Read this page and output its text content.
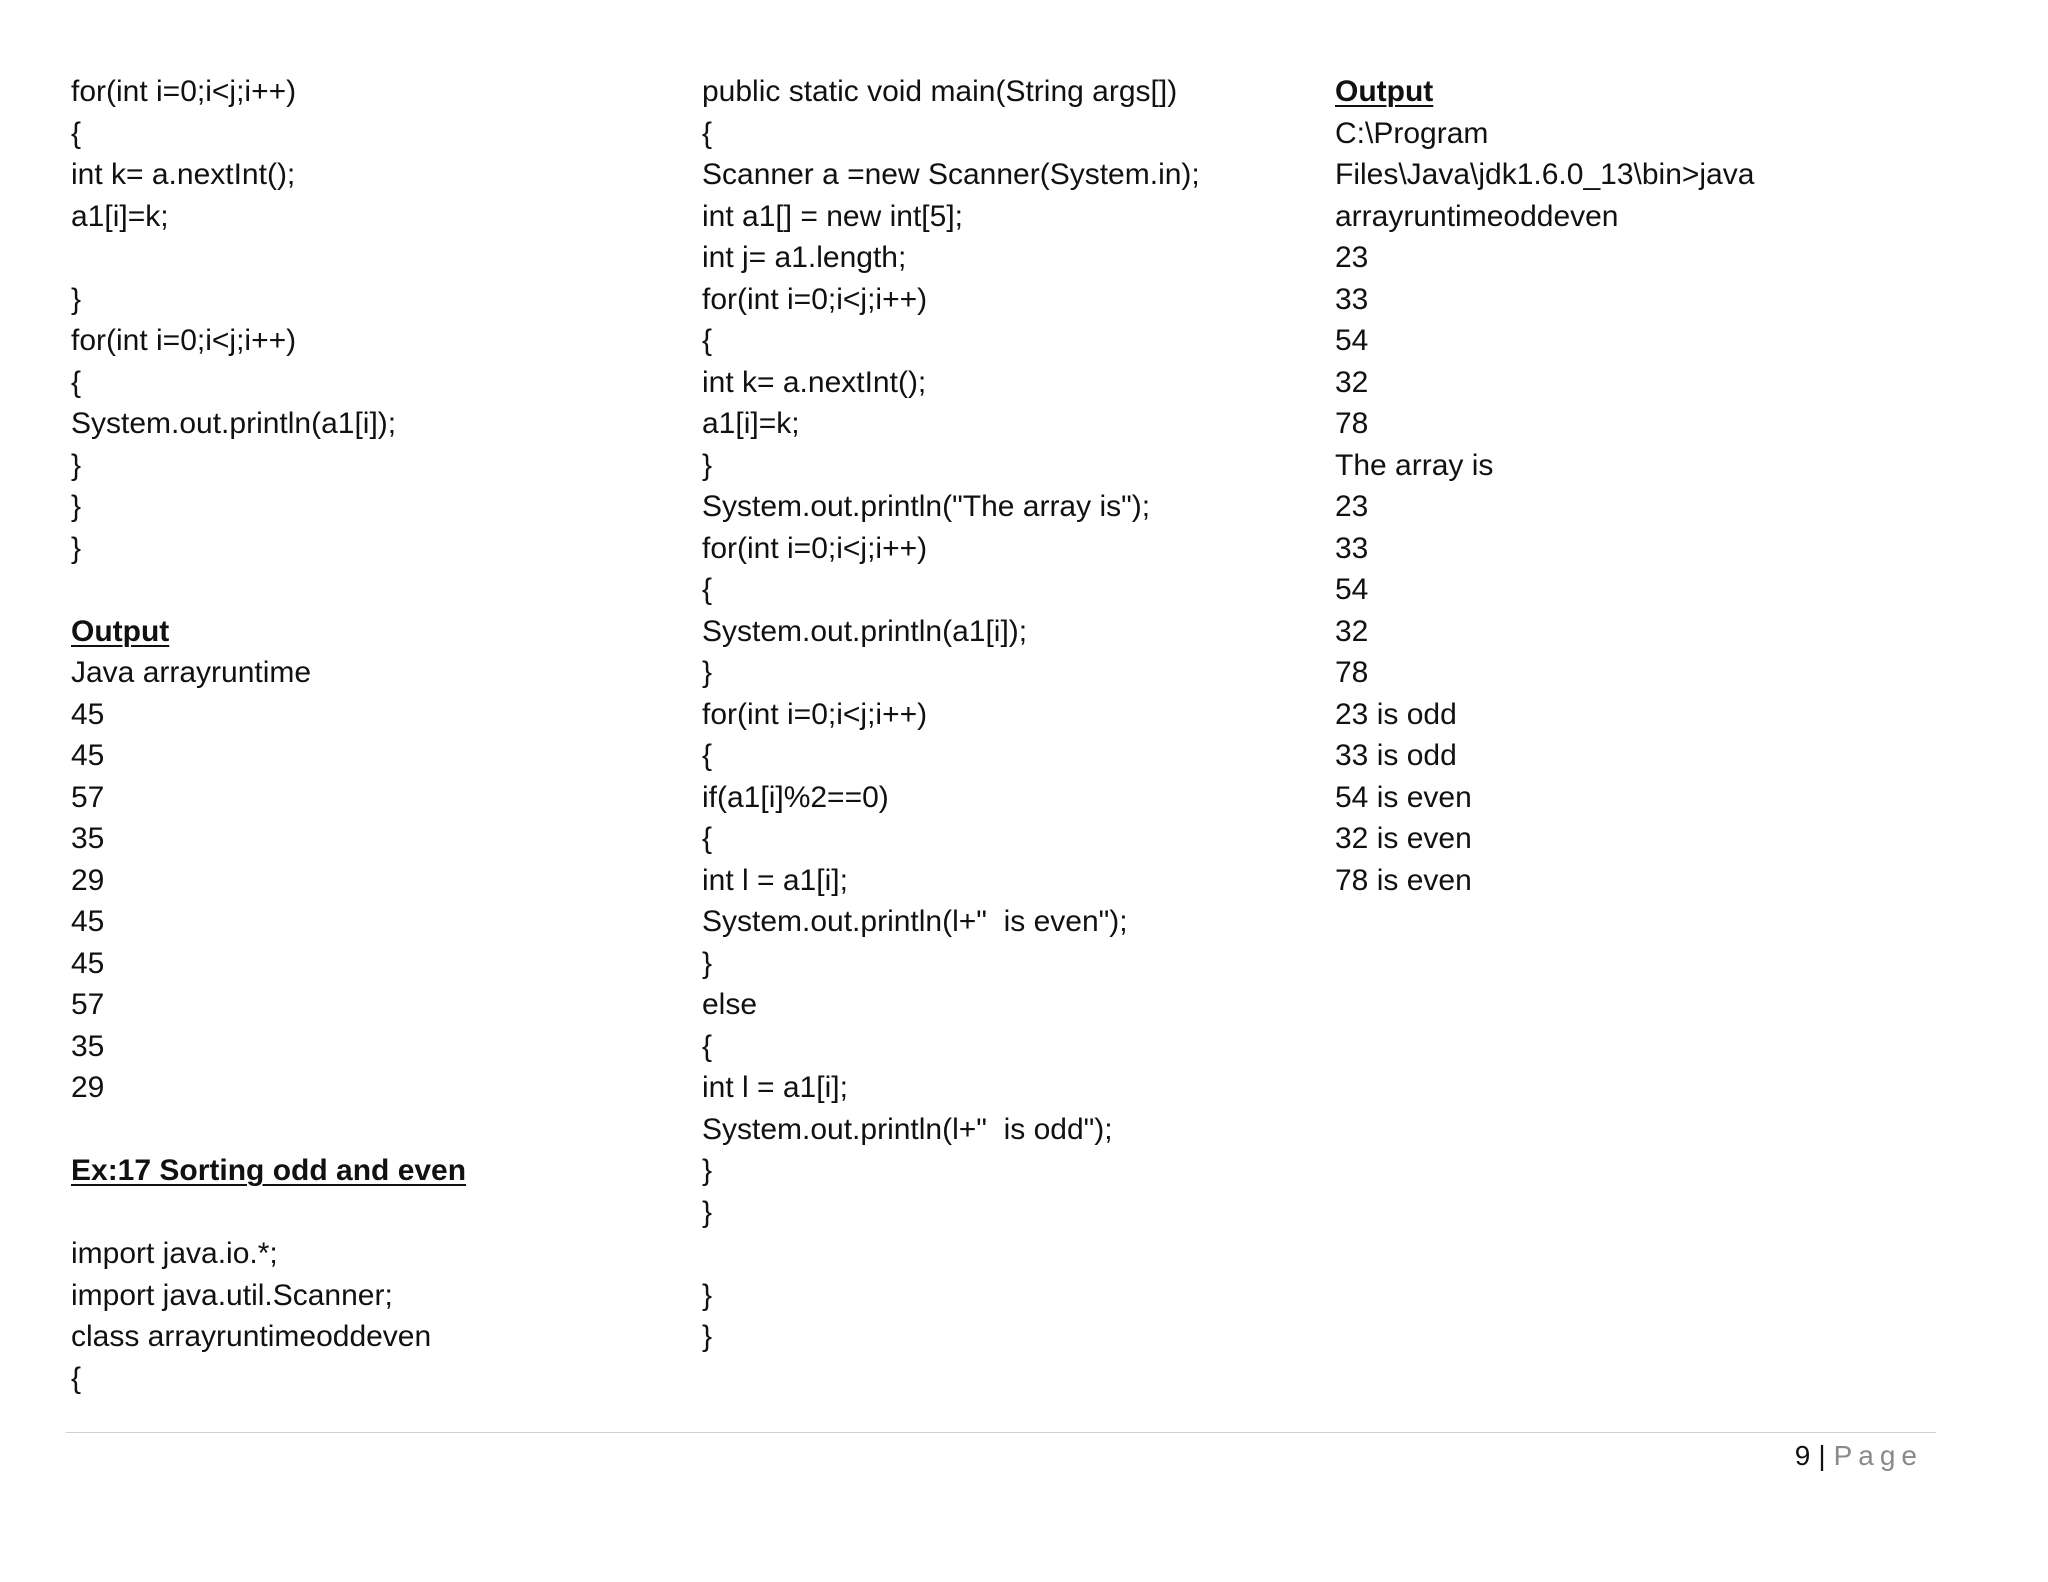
for(int i=0;i<j;i++)
{
int k= a.nextInt();
a1[i]=k;
}
for(int i=0;i<j;i++)
{
System.out.println(a1[i]);
}
}
}
Output
Java arrayruntime
45
45
57
35
29
45
45
57
35
29
Ex:17 Sorting odd and even
import java.io.*;
import java.util.Scanner;
class arrayruntimeoddeven
{
public static void main(String args[])
{
Scanner a =new Scanner(System.in);
int a1[] = new int[5];
int j= a1.length;
for(int i=0;i<j;i++)
{
int k= a.nextInt();
a1[i]=k;
}
System.out.println("The array is");
for(int i=0;i<j;i++)
{
System.out.println(a1[i]);
}
for(int i=0;i<j;i++)
{
if(a1[i]%2==0)
{
int l = a1[i];
System.out.println(l+"  is even");
}
else
{
int l = a1[i];
System.out.println(l+"  is odd");
}
}
}
}
Output
C:\Program
Files\Java\jdk1.6.0_13\bin>java
arrayruntimeoddeven
23
33
54
32
78
The array is
23
33
54
32
78
23 is odd
33 is odd
54 is even
32 is even
78 is even
9 | Page
